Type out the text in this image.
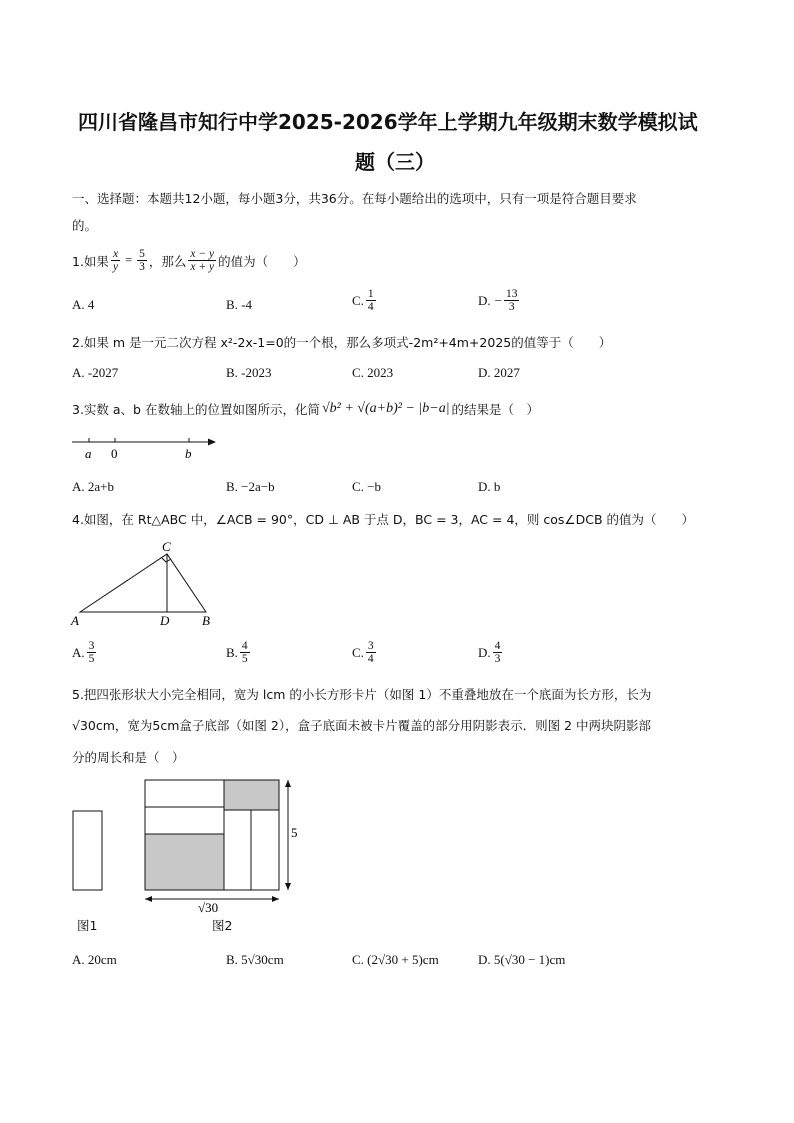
四川省隆昌市知行中学2025-2026学年上学期九年级期末数学模拟试
题（三）
一、选择题：本题共12小题，每小题3分，共36分。在每小题给出的选项中，只有一项是符合题目要求
的。
1.如果 $\frac{x}{y} = \frac{5}{3}$ ，那么 $\frac{x - y}{x + y}$ 的值为（　　）
A. 4	B. -4	C. $\frac{1}{4}$	D. − $\frac{13}{3}$
2.如果 m 是一元二次方程 x²-2x-1=0的一个根，那么多项式-2m²+4m+2025的值等于（　　）
A. -2027	B. -2023	C. 2023	D. 2027
3.实数 a、b 在数轴上的位置如图所示，化简 √b² + √(a+b)² − |b−a| 的结果是（　）
a 0	b
A. 2a+b	B. −2a−b	C. −b	D. b
4.如图，在 Rt△ABC 中，∠ACB = 90°，CD ⊥ AB 于点 D，BC = 3，AC = 4，则 cos∠DCB 的值为（　　）
C
A	D	B
A. $\frac{3}{5}$	B. $\frac{4}{5}$	C. $\frac{3}{4}$	D. $\frac{4}{3}$
5.把四张形状大小完全相同，宽为 lcm 的小长方形卡片（如图 1）不重叠地放在一个底面为长方形，长为
√30cm，宽为5cm盒子底部（如图 2），盒子底面未被卡片覆盖的部分用阴影表示．则图 2 中两块阴影部
分的周长和是（　）
5
√30
图1	图2
A. 20cm	B. 5√30cm	C. (2√30 + 5)cm	D. 5(√30 − 1)cm
